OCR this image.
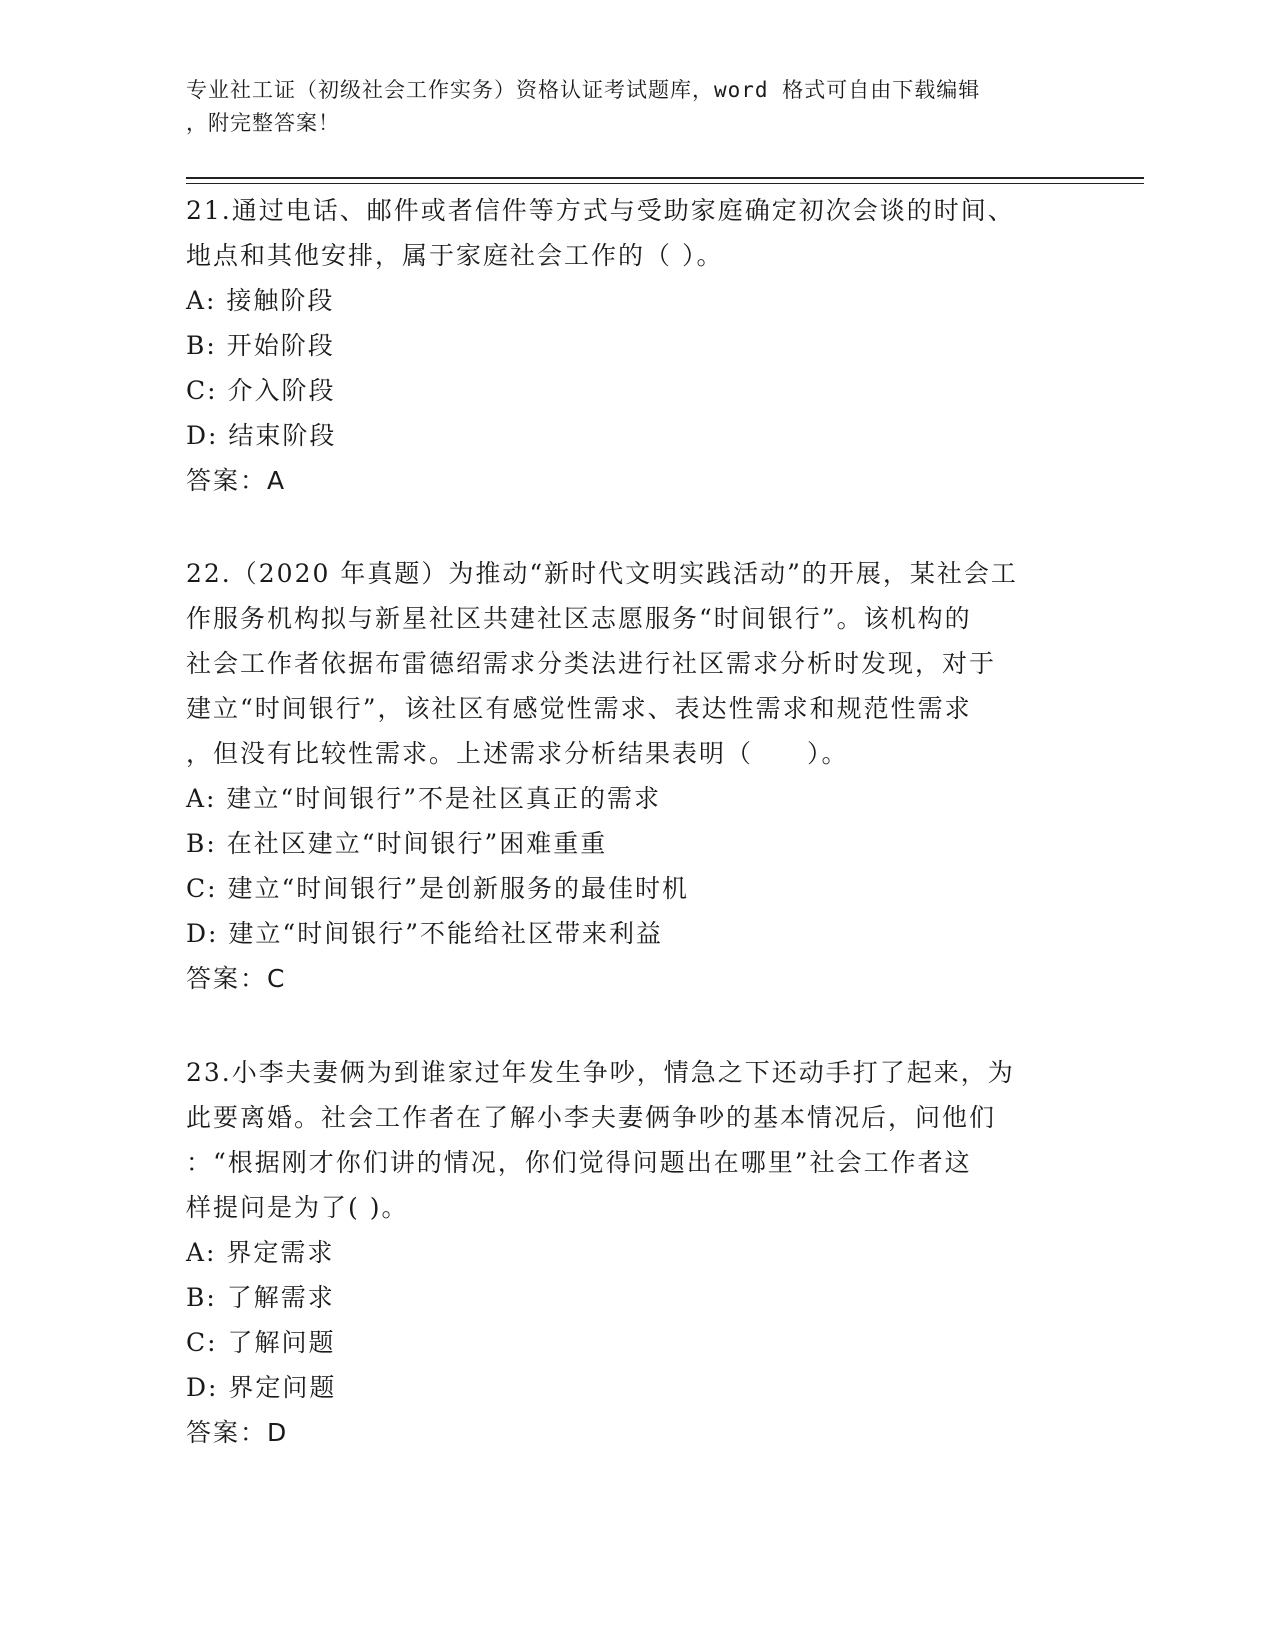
专业社工证（初级社会工作实务）资格认证考试题库，word 格式可自由下载编辑
，附完整答案！
21.通过电话、邮件或者信件等方式与受助家庭确定初次会谈的时间、
地点和其他安排，属于家庭社会工作的（ ）。
A: 接触阶段
B: 开始阶段
C: 介入阶段
D: 结束阶段
答案：A
22.（2020 年真题）为推动“新时代文明实践活动”的开展，某社会工
作服务机构拟与新星社区共建社区志愿服务“时间银行”。该机构的
社会工作者依据布雷德绍需求分类法进行社区需求分析时发现，对于
建立“时间银行”，该社区有感觉性需求、表达性需求和规范性需求
，但没有比较性需求。上述需求分析结果表明（　　）。
A: 建立“时间银行”不是社区真正的需求
B: 在社区建立“时间银行”困难重重
C: 建立“时间银行”是创新服务的最佳时机
D: 建立“时间银行”不能给社区带来利益
答案：C
23.小李夫妻俩为到谁家过年发生争吵，情急之下还动手打了起来，为
此要离婚。社会工作者在了解小李夫妻俩争吵的基本情况后，问他们
：“根据刚才你们讲的情况，你们觉得问题出在哪里”社会工作者这
样提问是为了( )。
A: 界定需求
B: 了解需求
C: 了解问题
D: 界定问题
答案：D
